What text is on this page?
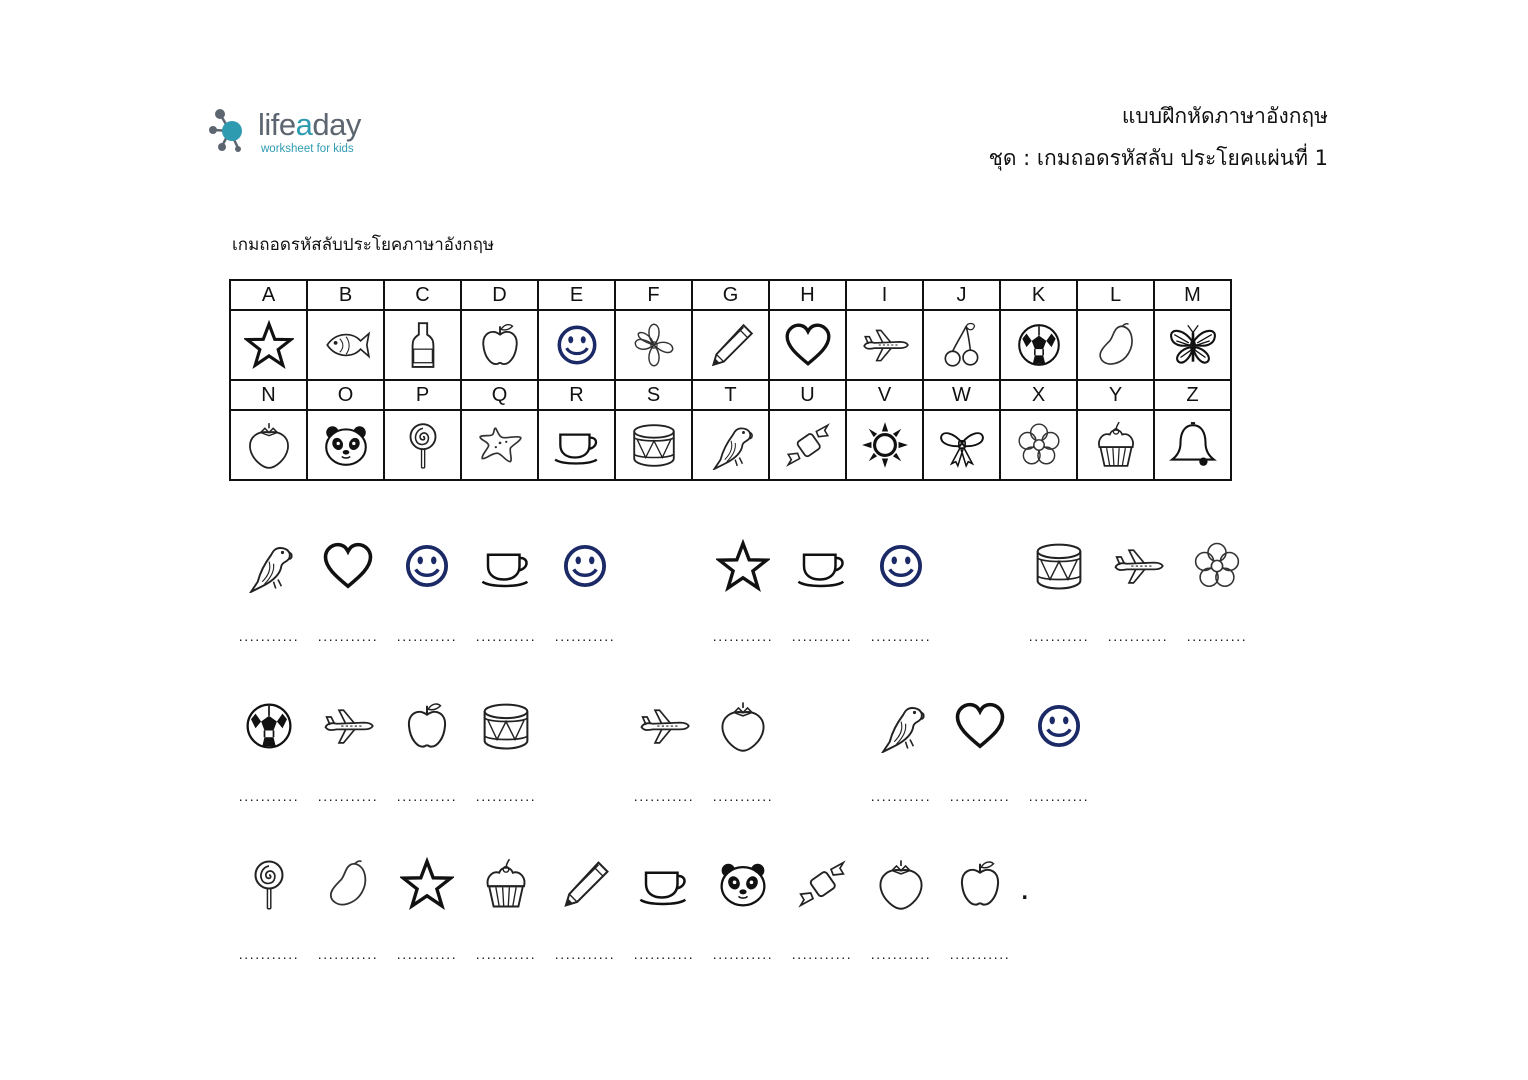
lifeaday
worksheet for kids
แบบฝึกหัดภาษาอังกฤษ
ชุด : เกมถอดรหัสลับ ประโยคแผ่นที่ 1
เกมถอดรหัสลับประโยคภาษาอังกฤษ
A	B	C	D	E	F	G	H	I	J	K	L	M

N	O	P	Q	R	S	T	U	V	W	X	Y	Z

...........	...........	...........	...........	...........	...........	...........	...........	...........	...........	...........
...........	...........	...........	...........	...........	...........	...........	...........	...........
...........	...........	...........	...........	...........	...........	...........	...........	...........	...........
.
